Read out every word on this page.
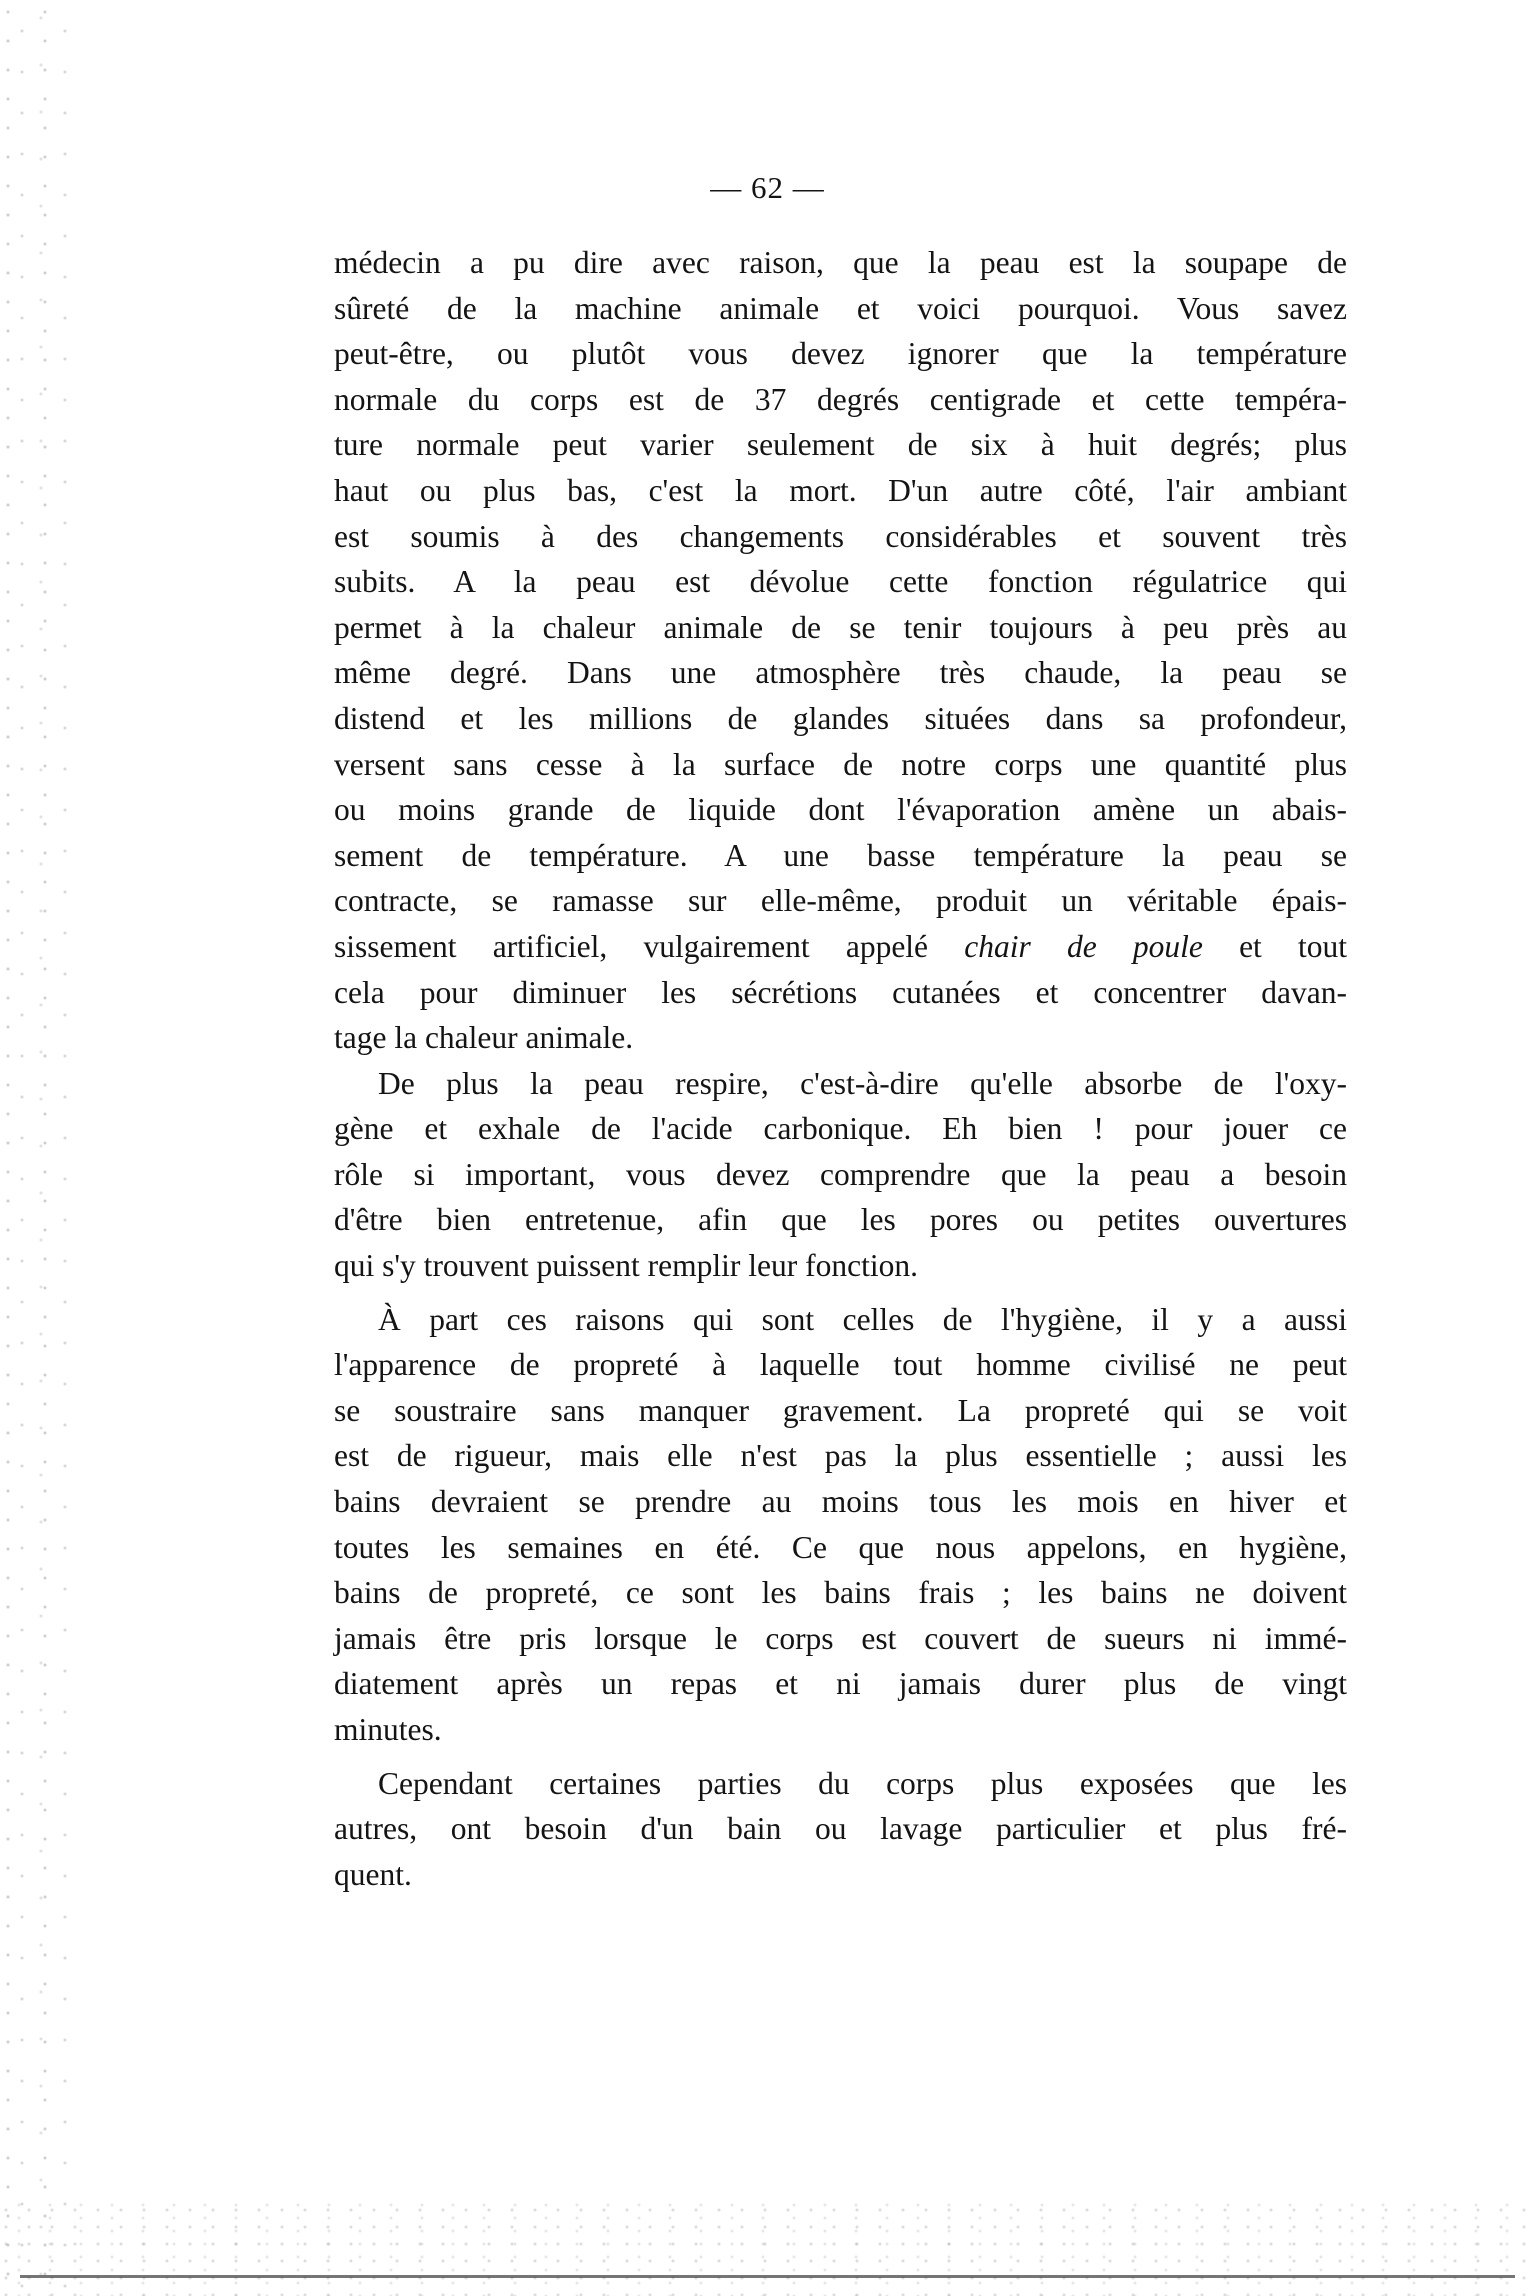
— 62 —
médecin a pu dire avec raison, que la peau est la soupape de
sûreté de la machine animale et voici pourquoi. Vous savez
peut-être, ou plutôt vous devez ignorer que la température
normale du corps est de 37 degrés centigrade et cette tempéra-
ture normale peut varier seulement de six à huit degrés; plus
haut ou plus bas, c'est la mort. D'un autre côté, l'air ambiant
est soumis à des changements considérables et souvent très
subits. A la peau est dévolue cette fonction régulatrice qui
permet à la chaleur animale de se tenir toujours à peu près au
même degré. Dans une atmosphère très chaude, la peau se
distend et les millions de glandes situées dans sa profondeur,
versent sans cesse à la surface de notre corps une quantité plus
ou moins grande de liquide dont l'évaporation amène un abais-
sement de température. A une basse température la peau se
contracte, se ramasse sur elle-même, produit un véritable épais-
sissement artificiel, vulgairement appelé chair de poule et tout
cela pour diminuer les sécrétions cutanées et concentrer davan-
tage la chaleur animale.
De plus la peau respire, c'est-à-dire qu'elle absorbe de l'oxy-
gène et exhale de l'acide carbonique. Eh bien ! pour jouer ce
rôle si important, vous devez comprendre que la peau a besoin
d'être bien entretenue, afin que les pores ou petites ouvertures
qui s'y trouvent puissent remplir leur fonction.
À part ces raisons qui sont celles de l'hygiène, il y a aussi
l'apparence de propreté à laquelle tout homme civilisé ne peut
se soustraire sans manquer gravement. La propreté qui se voit
est de rigueur, mais elle n'est pas la plus essentielle ; aussi les
bains devraient se prendre au moins tous les mois en hiver et
toutes les semaines en été. Ce que nous appelons, en hygiène,
bains de propreté, ce sont les bains frais ; les bains ne doivent
jamais être pris lorsque le corps est couvert de sueurs ni immé-
diatement après un repas et ni jamais durer plus de vingt
minutes.
Cependant certaines parties du corps plus exposées que les
autres, ont besoin d'un bain ou lavage particulier et plus fré-
quent.
